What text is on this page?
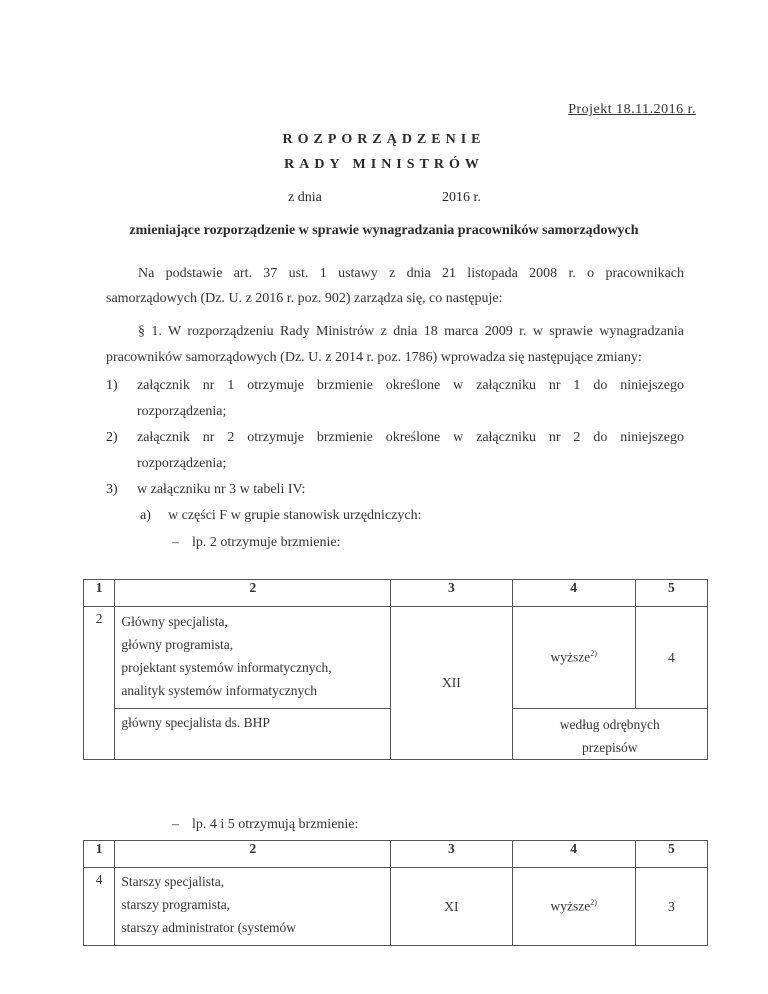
Projekt 18.11.2016 r.
ROZPORZĄDZENIE
RADY MINISTRÓW
z dnia	2016 r.
zmieniające rozporządzenie w sprawie wynagradzania pracowników samorządowych
Na podstawie art. 37 ust. 1 ustawy z dnia 21 listopada 2008 r. o pracownikach
samorządowych (Dz. U. z 2016 r. poz. 902) zarządza się, co następuje:
§ 1. W rozporządzeniu Rady Ministrów z dnia 18 marca 2009 r. w sprawie wynagradzania
pracowników samorządowych (Dz. U. z 2014 r. poz. 1786) wprowadza się następujące zmiany:
1) załącznik nr 1 otrzymuje brzmienie określone w załączniku nr 1 do niniejszego
rozporządzenia;
2) załącznik nr 2 otrzymuje brzmienie określone w załączniku nr 2 do niniejszego
rozporządzenia;
3) w załączniku nr 3 w tabeli IV:
a) w części F w grupie stanowisk urzędniczych:
– lp. 2 otrzymuje brzmienie:
1	2	3	4	5
2	Główny specjalista,
główny programista,
projektant systemów informatycznych,
analityk systemów informatycznych	XII	wyższe$^{2)}$	4
	główny specjalista ds. BHP		według odrębnych
przepisów	
– lp. 4 i 5 otrzymują brzmienie:
1	2	3	4	5
4	Starszy specjalista,
starszy programista,
starszy administrator (systemów	XI	wyższe$^{2)}$	3
